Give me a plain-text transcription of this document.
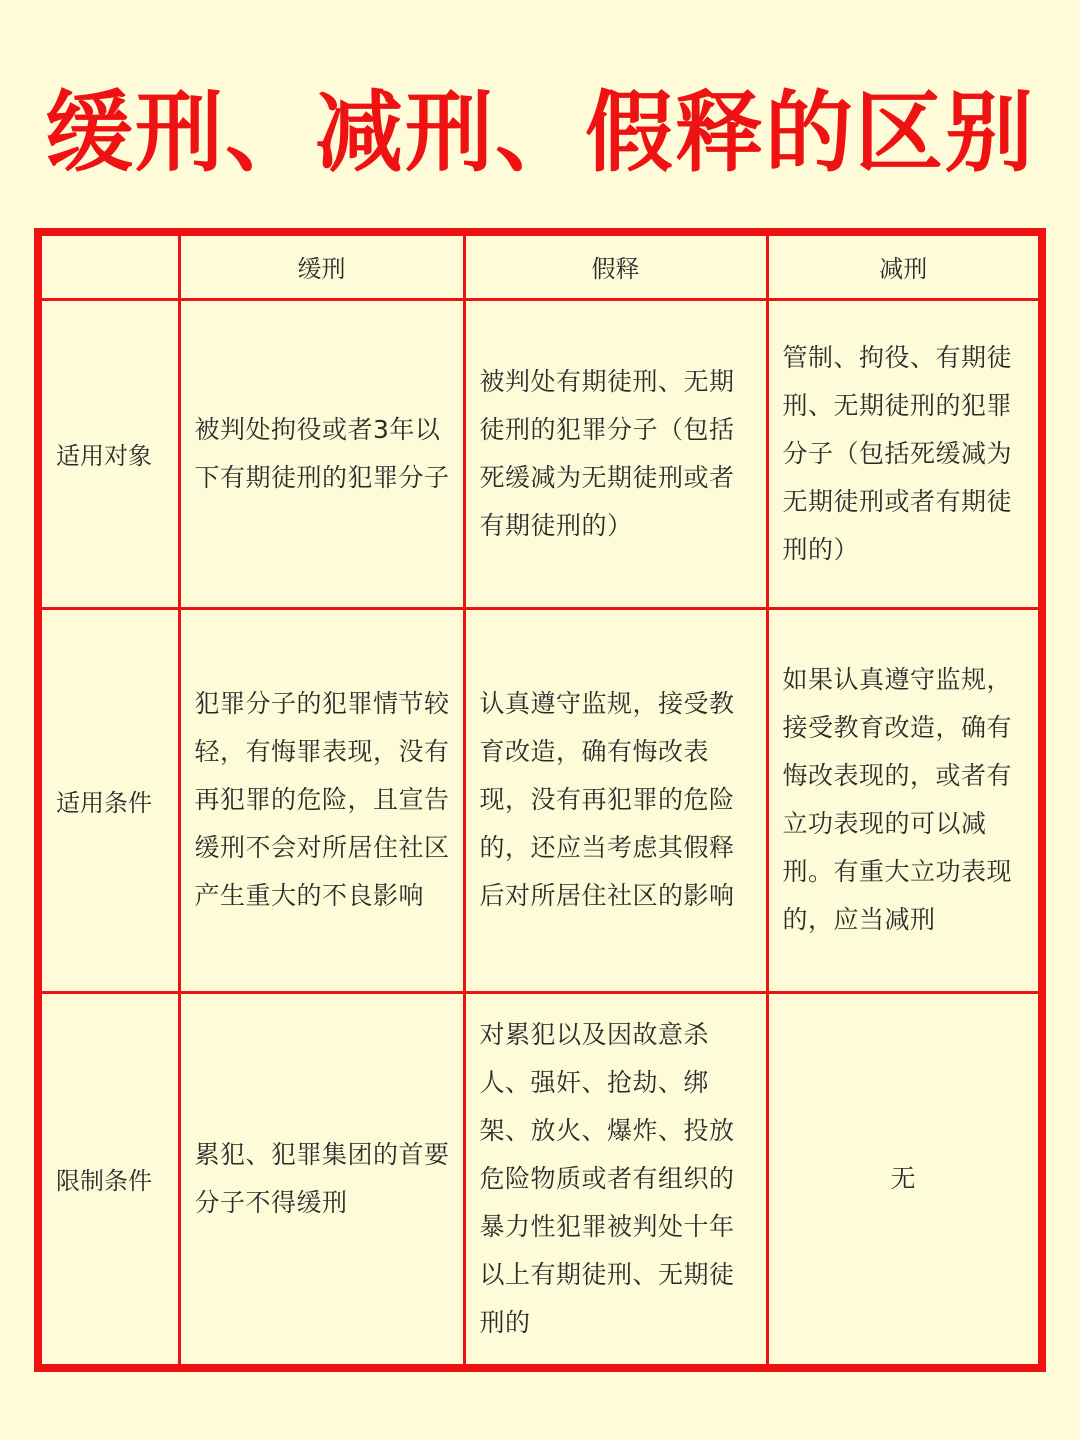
缓刑、减刑、假释的区别
	缓刑	假释	减刑
适用对象	被判处拘役或者3年以下有期徒刑的犯罪分子	被判处有期徒刑、无期徒刑的犯罪分子（包括死缓减为无期徒刑或者有期徒刑的）	管制、拘役、有期徒刑、无期徒刑的犯罪分子（包括死缓减为无期徒刑或者有期徒刑的）
适用条件	犯罪分子的犯罪情节较轻，有悔罪表现，没有再犯罪的危险，且宣告缓刑不会对所居住社区产生重大的不良影响	认真遵守监规，接受教育改造，确有悔改表现，没有再犯罪的危险的，还应当考虑其假释后对所居住社区的影响	如果认真遵守监规，接受教育改造，确有悔改表现的，或者有立功表现的可以减刑。有重大立功表现的，应当减刑
限制条件	累犯、犯罪集团的首要分子不得缓刑	对累犯以及因故意杀人、强奸、抢劫、绑架、放火、爆炸、投放危险物质或者有组织的暴力性犯罪被判处十年以上有期徒刑、无期徒刑的	无
